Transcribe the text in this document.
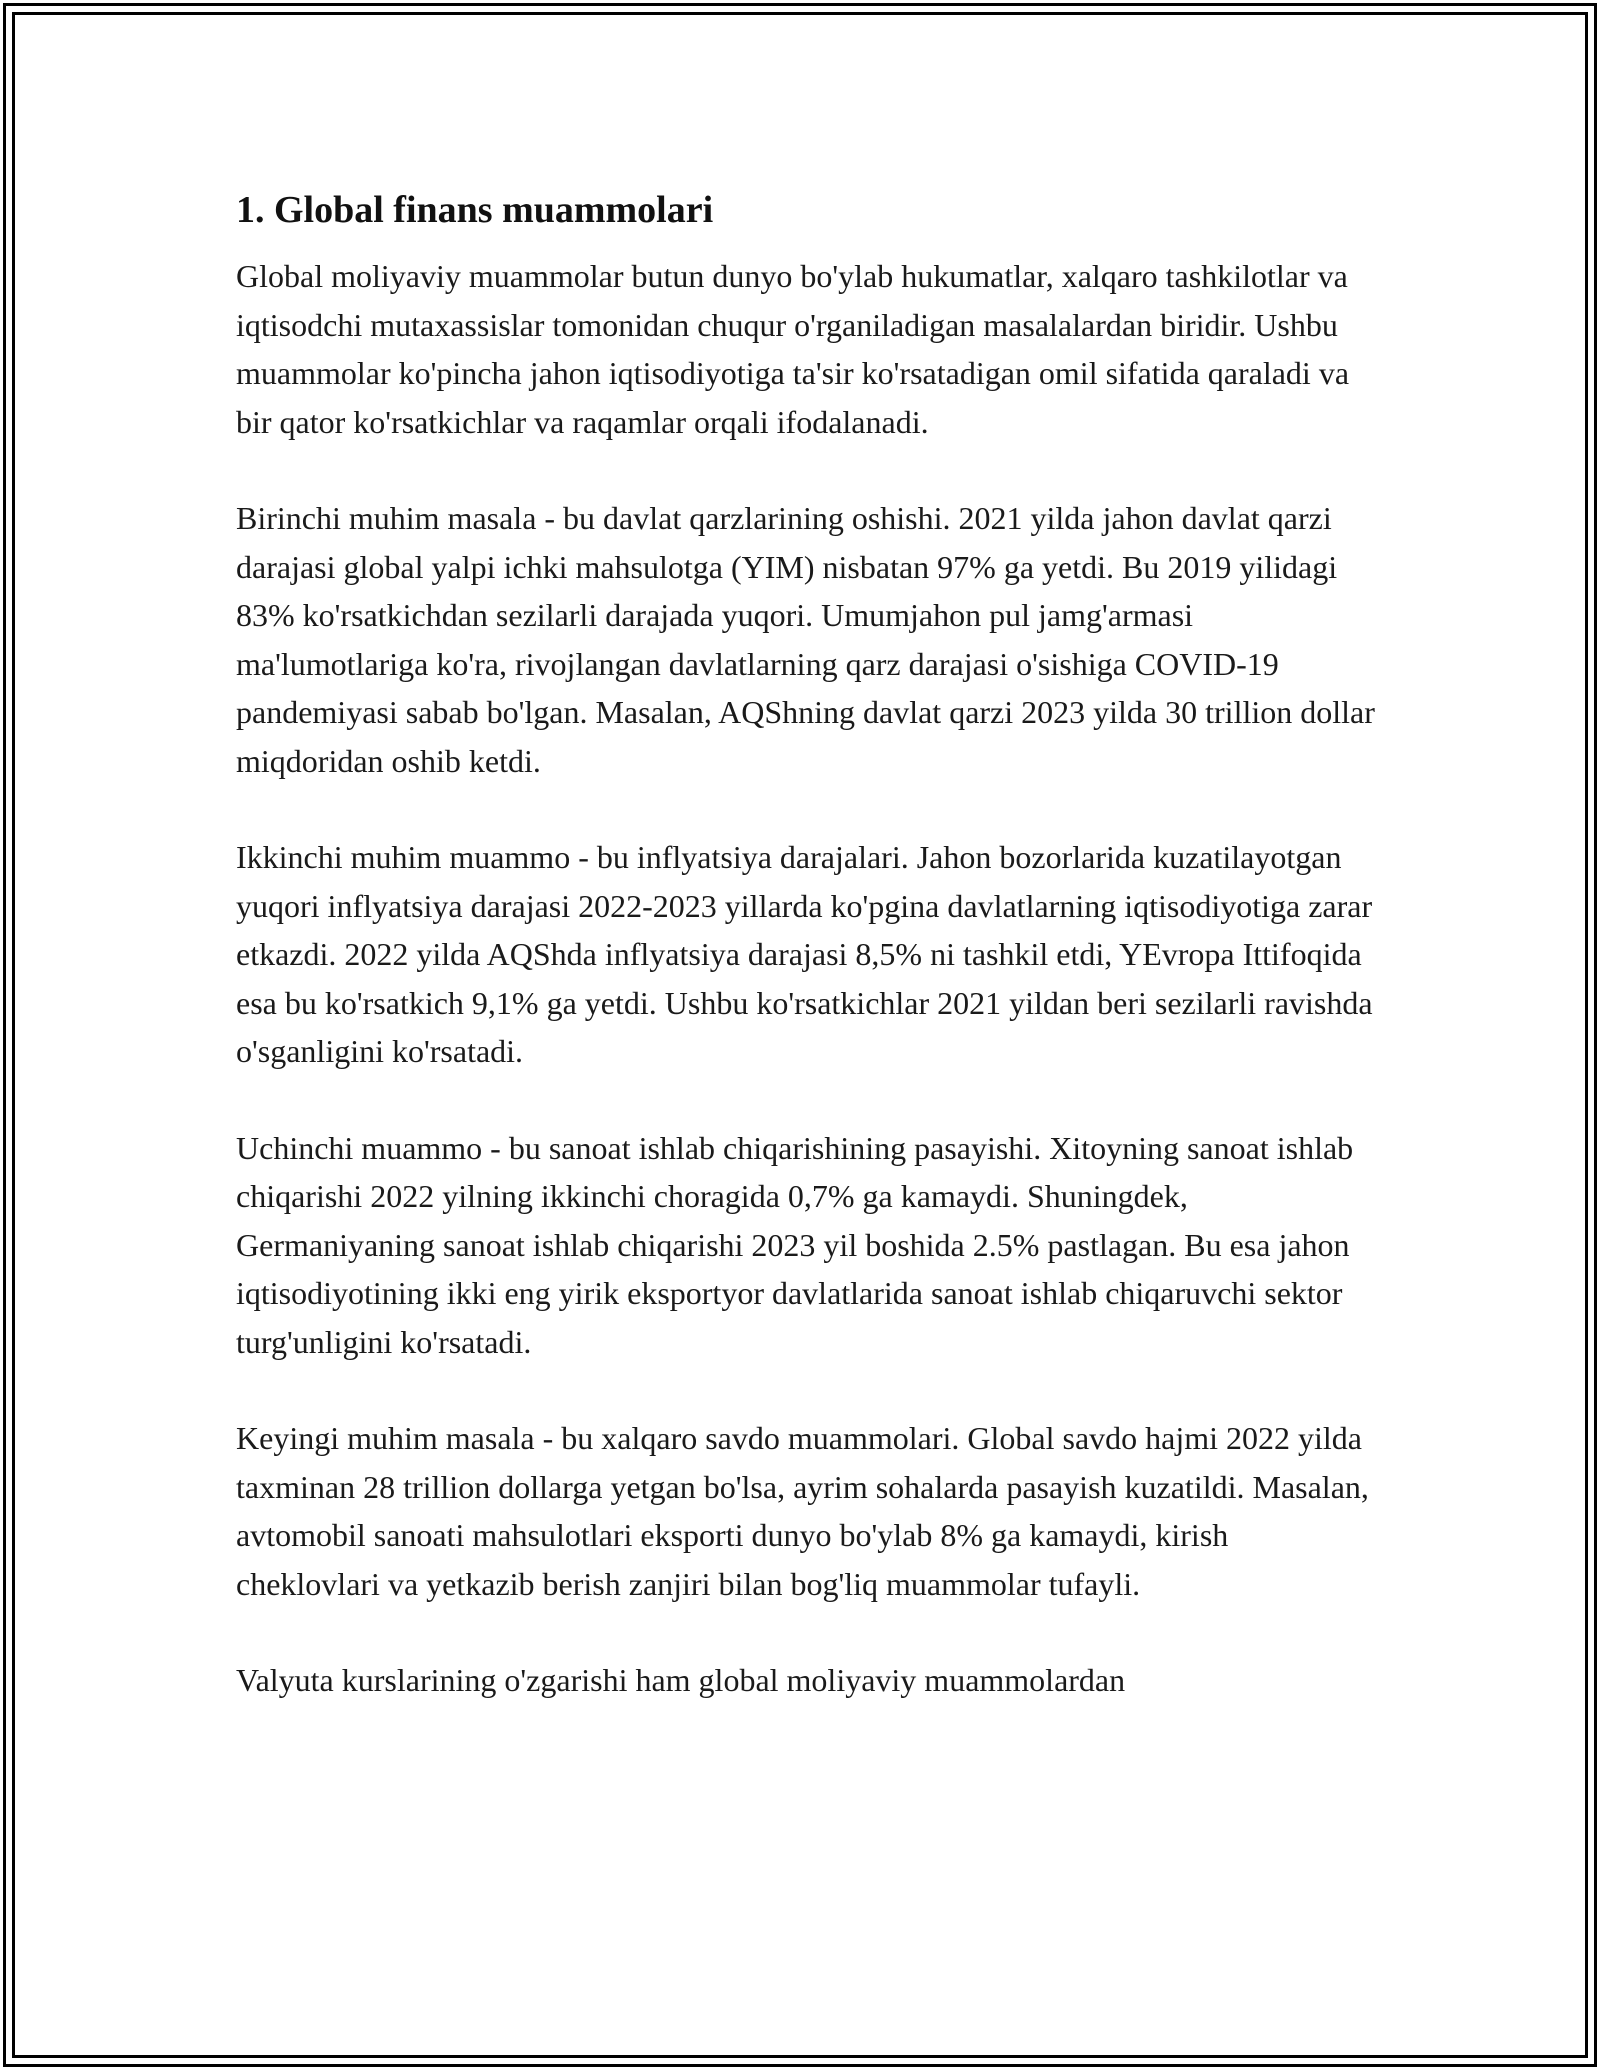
1. Global finans muammolari

Global moliyaviy muammolar butun dunyo bo'ylab hukumatlar, xalqaro tashkilotlar va iqtisodchi mutaxassislar tomonidan chuqur o'rganiladigan masalalardan biridir. Ushbu muammolar ko'pincha jahon iqtisodiyotiga ta'sir ko'rsatadigan omil sifatida qaraladi va bir qator ko'rsatkichlar va raqamlar orqali ifodalanadi.

Birinchi muhim masala - bu davlat qarzlarining oshishi. 2021 yilda jahon davlat qarzi darajasi global yalpi ichki mahsulotga (YIM) nisbatan 97% ga yetdi. Bu 2019 yilidagi 83% ko'rsatkichdan sezilarli darajada yuqori. Umumjahon pul jamg'armasi ma'lumotlariga ko'ra, rivojlangan davlatlarning qarz darajasi o'sishiga COVID-19 pandemiyasi sabab bo'lgan. Masalan, AQShning davlat qarzi 2023 yilda 30 trillion dollar miqdoridan oshib ketdi.

Ikkinchi muhim muammo - bu inflyatsiya darajalari. Jahon bozorlarida kuzatilayotgan yuqori inflyatsiya darajasi 2022-2023 yillarda ko'pgina davlatlarning iqtisodiyotiga zarar etkazdi. 2022 yilda AQShda inflyatsiya darajasi 8,5% ni tashkil etdi, YEvropa Ittifoqida esa bu ko'rsatkich 9,1% ga yetdi. Ushbu ko'rsatkichlar 2021 yildan beri sezilarli ravishda o'sganligini ko'rsatadi.

Uchinchi muammo - bu sanoat ishlab chiqarishining pasayishi. Xitoyning sanoat ishlab chiqarishi 2022 yilning ikkinchi choragida 0,7% ga kamaydi. Shuningdek, Germaniyaning sanoat ishlab chiqarishi 2023 yil boshida 2.5% pastlagan. Bu esa jahon iqtisodiyotining ikki eng yirik eksportyor davlatlarida sanoat ishlab chiqaruvchi sektor turg'unligini ko'rsatadi.

Keyingi muhim masala - bu xalqaro savdo muammolari. Global savdo hajmi 2022 yilda taxminan 28 trillion dollarga yetgan bo'lsa, ayrim sohalarda pasayish kuzatildi. Masalan, avtomobil sanoati mahsulotlari eksporti dunyo bo'ylab 8% ga kamaydi, kirish cheklovlari va yetkazib berish zanjiri bilan bog'liq muammolar tufayli.

Valyuta kurslarining o'zgarishi ham global moliyaviy muammolardan
